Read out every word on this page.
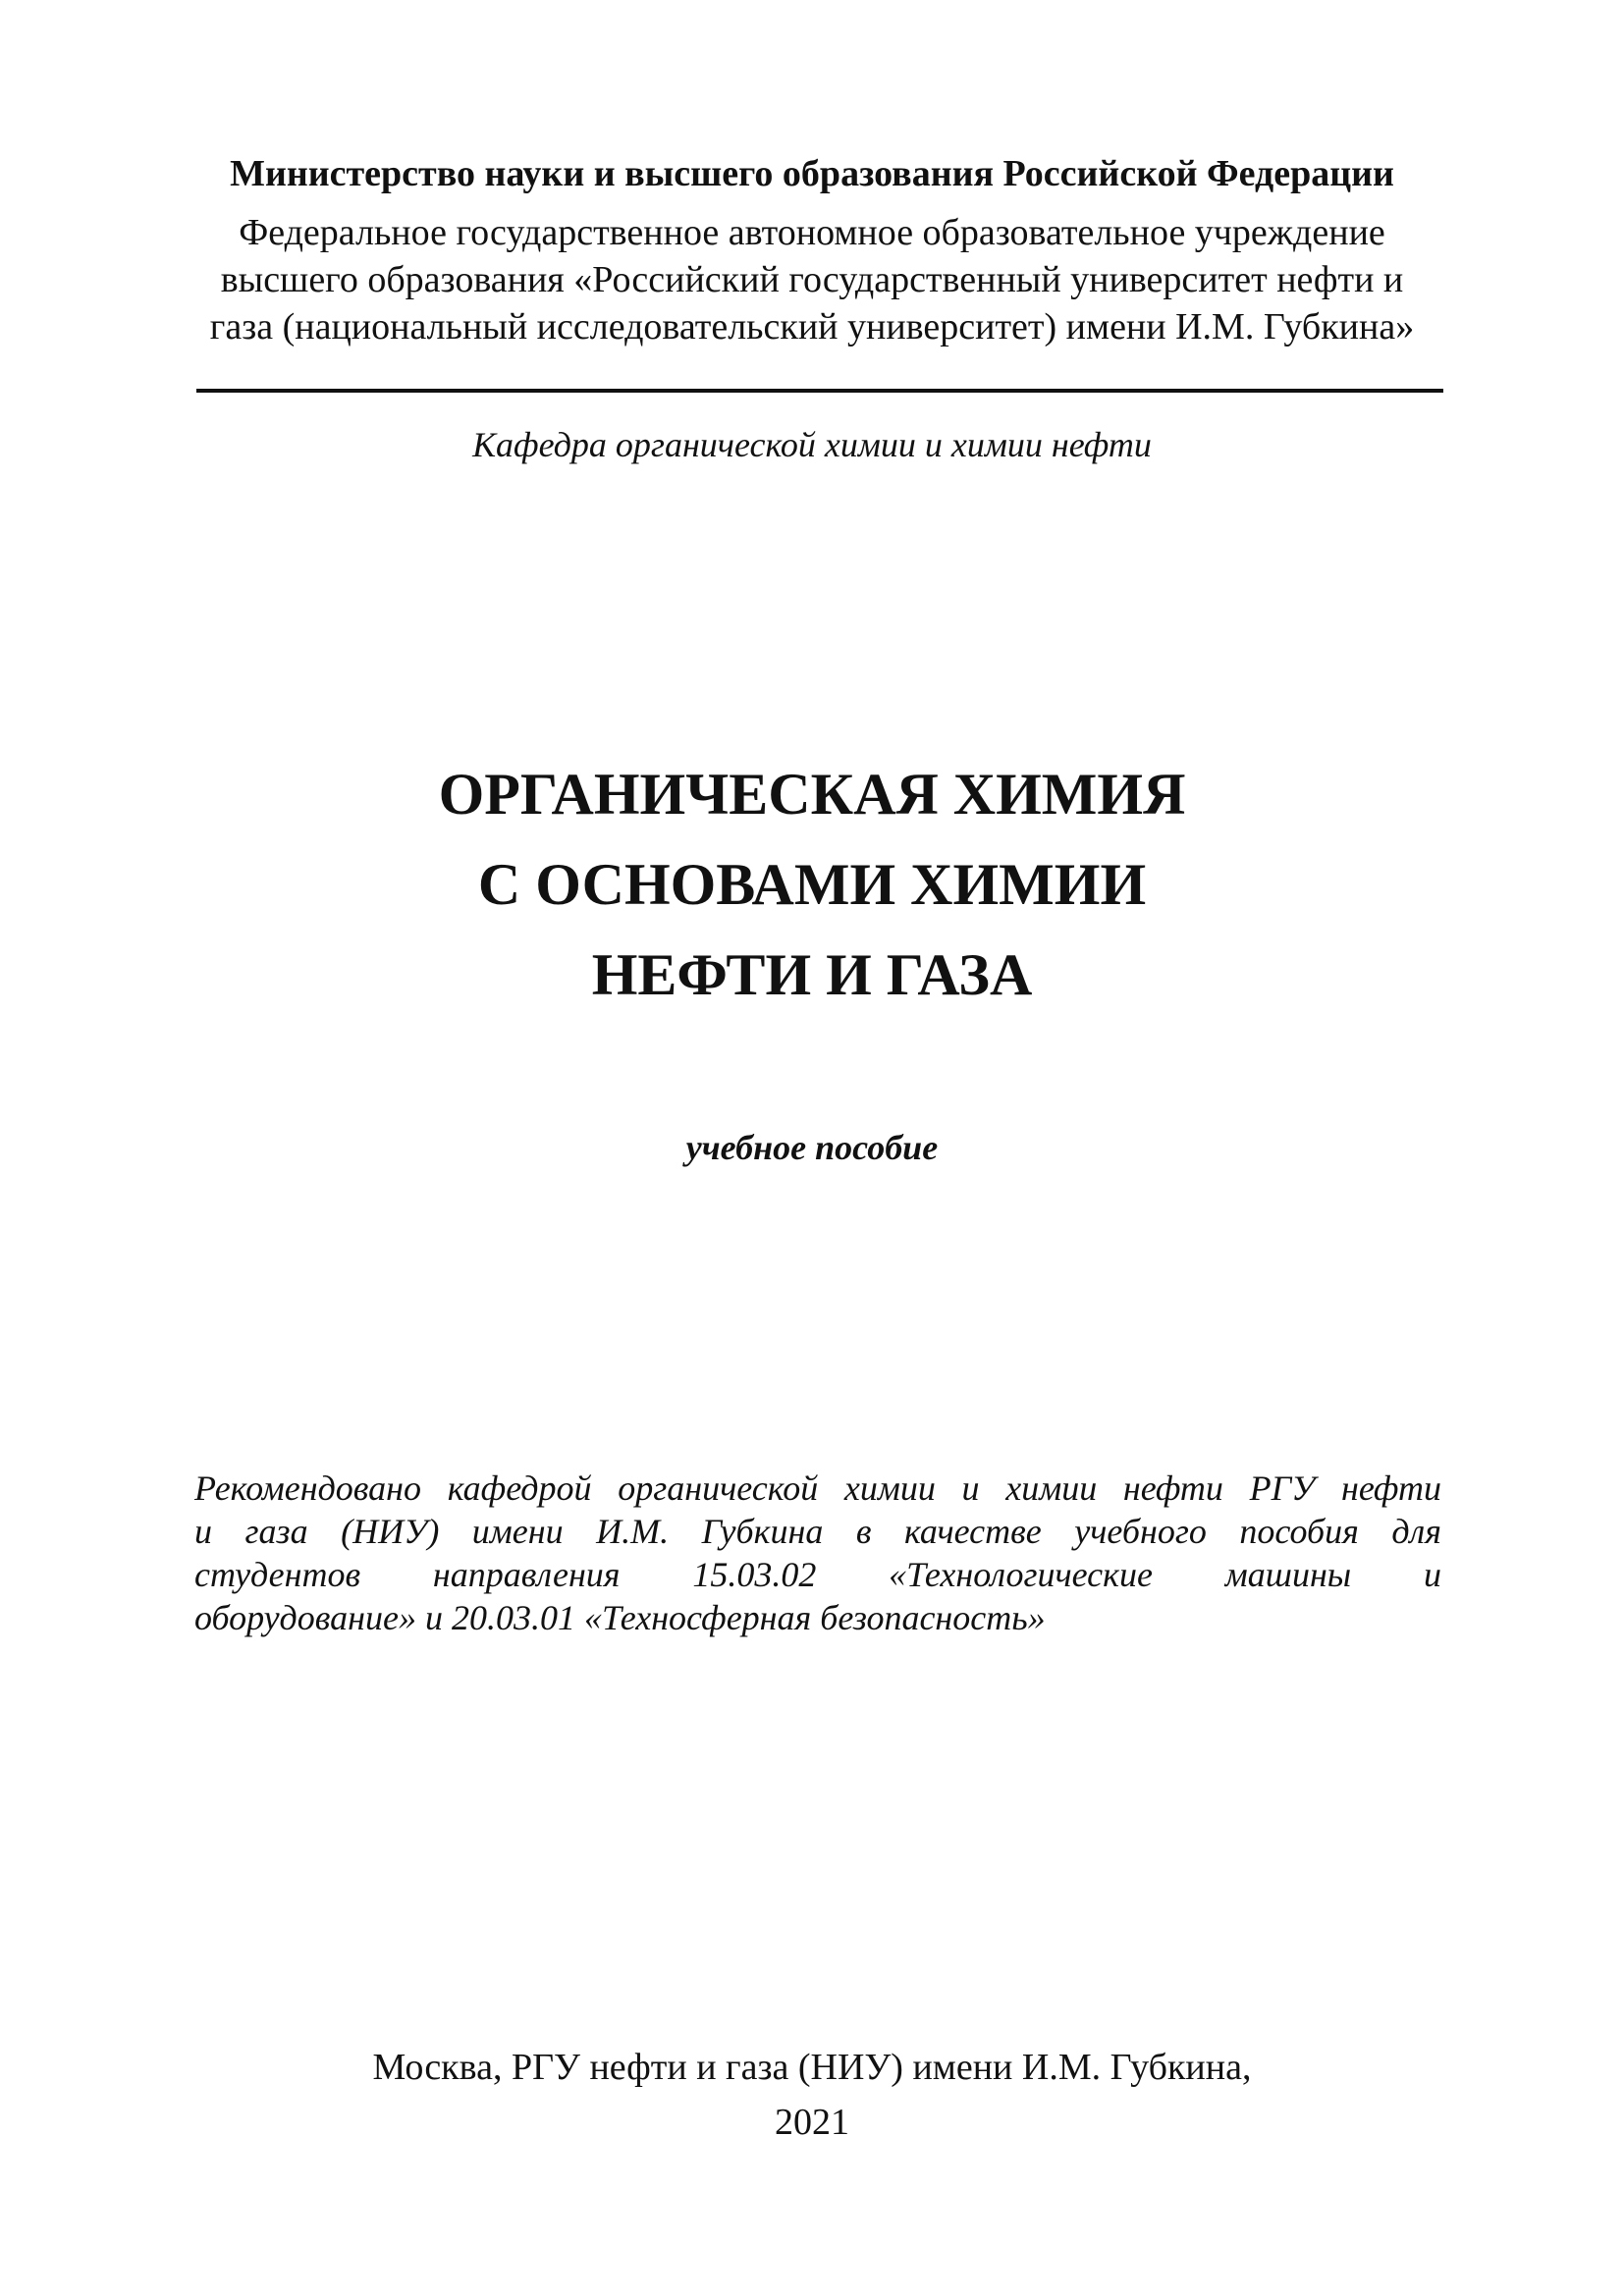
Министерство науки и высшего образования Российской Федерации
Федеральное государственное автономное образовательное учреждение
высшего образования «Российский государственный университет нефти и
газа (национальный исследовательский университет) имени И.М. Губкина»
Кафедра органической химии и химии нефти
ОРГАНИЧЕСКАЯ ХИМИЯ
С ОСНОВАМИ ХИМИИ
НЕФТИ И ГАЗА
учебное пособие
Рекомендовано кафедрой органической химии и химии нефти РГУ нефти
и газа (НИУ) имени И.М. Губкина в качестве учебного пособия для
студентов направления 15.03.02 «Технологические машины и
оборудование» и 20.03.01 «Техносферная безопасность»
Москва, РГУ нефти и газа (НИУ) имени И.М. Губкина,
2021
